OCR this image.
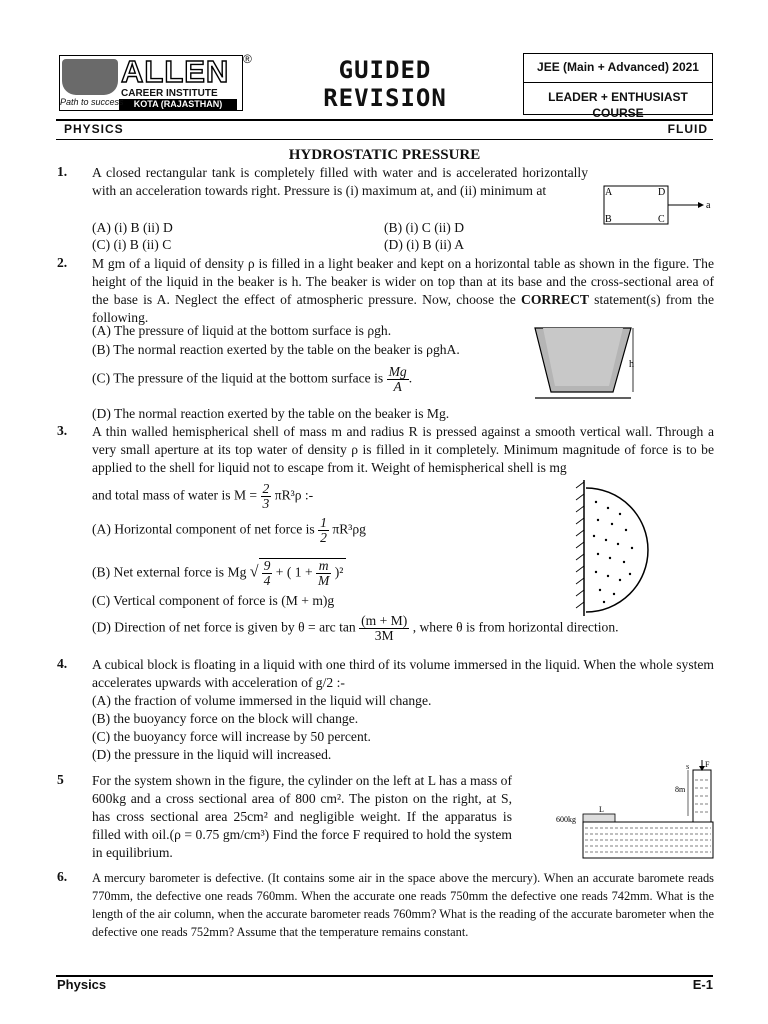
ALLEN
CAREER INSTITUTE
KOTA (RAJASTHAN)
Path to success
®	GUIDED
REVISION
JEE (Main + Advanced) 2021
LEADER + ENTHUSIAST COURSE
PHYSICS	FLUID
HYDROSTATIC PRESSURE
1. A closed rectangular tank is completely filled with water and is accelerated horizontally with an acceleration towards right. Pressure is (i) maximum at, and (ii) minimum at
(A) (i) B (ii) D	(B) (i) C (ii) D
(C) (i) B (ii) C	(D) (i) B (ii) A
A	D
B	C
a
2. M gm of a liquid of density ρ is filled in a light beaker and kept on a horizontal table as shown in the figure. The height of the liquid in the beaker is h. The beaker is wider on top than at its base and the cross-sectional area of the base is A. Neglect the effect of atmospheric pressure. Now, choose the CORRECT statement(s) from the following.
(A) The pressure of liquid at the bottom surface is ρgh.
(B) The normal reaction exerted by the table on the beaker is ρghA.
(C) The pressure of the liquid at the bottom surface is $\frac{Mg}{A}$ .
(D) The normal reaction exerted by the table on the beaker is Mg.
h
3. A thin walled hemispherical shell of mass m and radius R is pressed against a smooth vertical wall. Through a very small aperture at its top water of density ρ is filled in it completely. Minimum magnitude of force is to be applied to the shell for liquid not to escape from it. Weight of hemispherical shell is mg
and total mass of water is $M = \frac{2}{3} \pi R^3\rho$ :-
(A) Horizontal component of net force is $\frac{1}{2} \pi R^3\rho g$
(B) Net external force is Mg √ $\frac{9}{4}$ + ( $1 + \frac{m}{M} )^2$
(C) Vertical component of force is (M + m)g
(D) Direction of net force is given by θ = arc $\tan \frac{(m + M)}{3M}$ , where θ is from horizontal direction.
4. A cubical block is floating in a liquid with one third of its volume immersed in the liquid. When the whole system accelerates upwards with acceleration of g/2 :-
(A) the fraction of volume immersed in the liquid will change.
(B) the buoyancy force on the block will change.
(C) the buoyancy force will increase by 50 percent.
(D) the pressure in the liquid will increased.
5 For the system shown in the figure, the cylinder on the left at L has a mass of 600kg and a cross sectional area of 800 cm². The piston on the right, at S, has cross sectional area 25cm² and negligible weight. If the apparatus is filled with oil.(ρ = 0.75 gm/cm³) Find the force F required to hold the system in equilibrium.
600kg
L
F
S
8m
6. A mercury barometer is defective. (It contains some air in the space above the mercury). When an accurate baromete reads 770mm, the defective one reads 760mm. When the accurate one reads 750mm the defective one reads 742mm. What is the length of the air column, when the accurate barometer reads 760mm? What is the reading of the accurate barometer when the defective one reads 752mm? Assume that the temperature remains constant.
Physics	E-1
